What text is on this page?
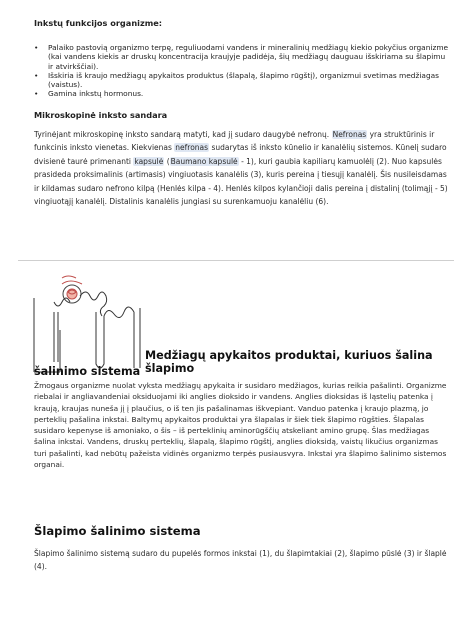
Inkstų funkcijos organizme:
• Palaiko pastovią organizmo terpę, reguliuodami vandens ir mineralinių medžiagų kiekio pokyčius organizme (kai vandens kiekis ar druskų koncentracija kraujyje padidėja, šių medžiagų dauguau išskiriama su šlapimu ir atvirkščiai).
• Išskiria iš kraujo medžiagų apykaitos produktus (šlapalą, šlapimo rūgštį), organizmui svetimas medžiagas (vaistus).
• Gamina inkstų hormonus.
Mikroskopinė inksto sandara
Tyrinėjant mikroskopinę inksto sandarą matyti, kad jį sudaro daugybė nefronų. Nefronas yra struktūrinis ir funkcinis inksto vienetas. Kiekvienas nefronas sudarytas iš inksto kūnelio ir kanalėlių sistemos. Kūnelį sudaro dvisienė taurė primenanti kapsulė (Baumano kapsulė - 1), kuri gaubia kapiliarų kamuolėlį (2). Nuo kapsulės prasideda proksimalinis (artimasis) vingiuotasis kanalėlis (3), kuris pereina į tiesųjį kanalėlį. Šis nusileisdamas ir kildamas sudaro nefrono kilpą (Henlės kilpa - 4). Henlės kilpos kylančioji dalis pereina į distalinį (tolimąjį - 5) vingiuotąjį kanalėlį. Distalinis kanalėlis jungiasi su surenkamuoju kanalėliu (6).
Medžiagų apykaitos produktai, kuriuos šalina šlapimo
šalinimo sistema
Žmogaus organizme nuolat vyksta medžiagų apykaita ir susidaro medžiagos, kurias reikia pašalinti. Organizme riebalai ir angliavandeniai oksiduojami iki anglies dioksido ir vandens. Anglies dioksidas iš ląstelių patenka į kraują, kraujas nuneša jį į plaučius, o iš ten jis pašalinamas iškvepiant. Vanduo patenka į kraujo plazmą, jo perteklių pašalina inkstai. Baltymų apykaitos produktai yra šlapalas ir šiek tiek šlapimo rūgšties. Šlapalas susidaro kepenyse iš amoniako, o šis – iš perteklinių aminorūgščių atskeliant amino grupę. Šlas medžiagas šalina inkstai. Vandens, druskų perteklių, šlapalą, šlapimo rūgštį, anglies dioksidą, vaistų likučius organizmas turi pašalinti, kad nebūtų pažeista vidinės organizmo terpės pusiausvyra. Inkstai yra šlapimo šalinimo sistemos organai.
Šlapimo šalinimo sistema
Šlapimo šalinimo sistemą sudaro du pupelės formos inkstai (1), du šlapimtakiai (2), šlapimo pūslė (3) ir šlaplė (4).
